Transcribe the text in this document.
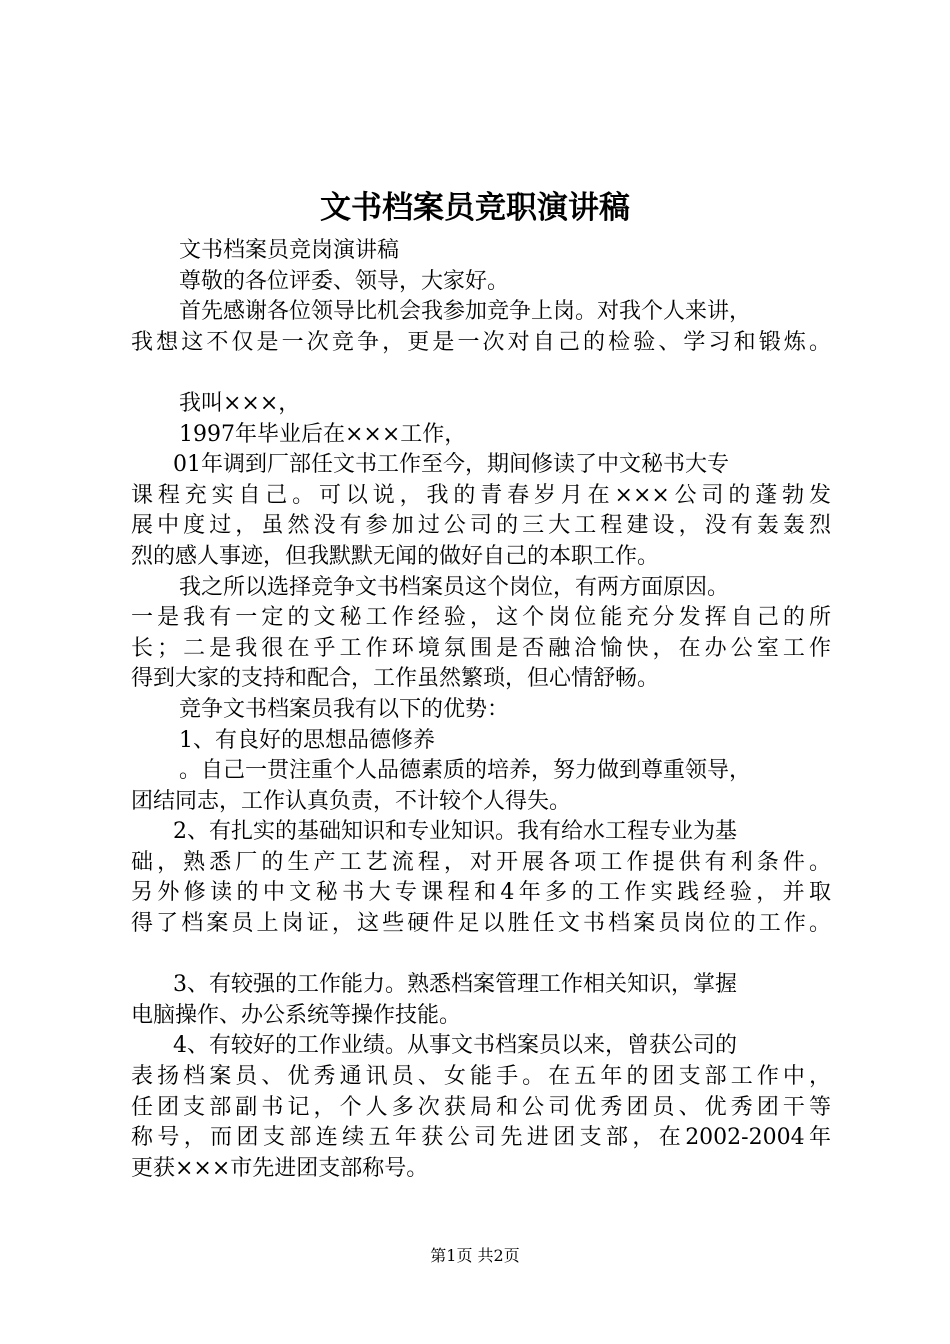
文书档案员竞职演讲稿
文书档案员竞岗演讲稿
尊敬的各位评委、领导，大家好。
首先感谢各位领导比机会我参加竞争上岗。对我个人来讲，
我想这不仅是一次竞争，更是一次对自己的检验、学习和锻炼。
我叫×××，
1997年毕业后在×××工作，
01年调到厂部任文书工作至今，期间修读了中文秘书大专
课程充实自己。可以说，我的青春岁月在×××公司的蓬勃发
展中度过，虽然没有参加过公司的三大工程建设，没有轰轰烈
烈的感人事迹，但我默默无闻的做好自己的本职工作。
我之所以选择竞争文书档案员这个岗位，有两方面原因。
一是我有一定的文秘工作经验，这个岗位能充分发挥自己的所
长；二是我很在乎工作环境氛围是否融洽愉快，在办公室工作
得到大家的支持和配合，工作虽然繁琐，但心情舒畅。
竞争文书档案员我有以下的优势：
1、有良好的思想品德修养
。自己一贯注重个人品德素质的培养，努力做到尊重领导，
团结同志，工作认真负责，不计较个人得失。
2、有扎实的基础知识和专业知识。我有给水工程专业为基
础，熟悉厂的生产工艺流程，对开展各项工作提供有利条件。
另外修读的中文秘书大专课程和4年多的工作实践经验，并取
得了档案员上岗证，这些硬件足以胜任文书档案员岗位的工作。
3、有较强的工作能力。熟悉档案管理工作相关知识，掌握
电脑操作、办公系统等操作技能。
4、有较好的工作业绩。从事文书档案员以来，曾获公司的
表扬档案员、优秀通讯员、女能手。在五年的团支部工作中，
任团支部副书记，个人多次获局和公司优秀团员、优秀团干等
称号，而团支部连续五年获公司先进团支部，在2002-2004年
更获×××市先进团支部称号。
第1页 共2页
